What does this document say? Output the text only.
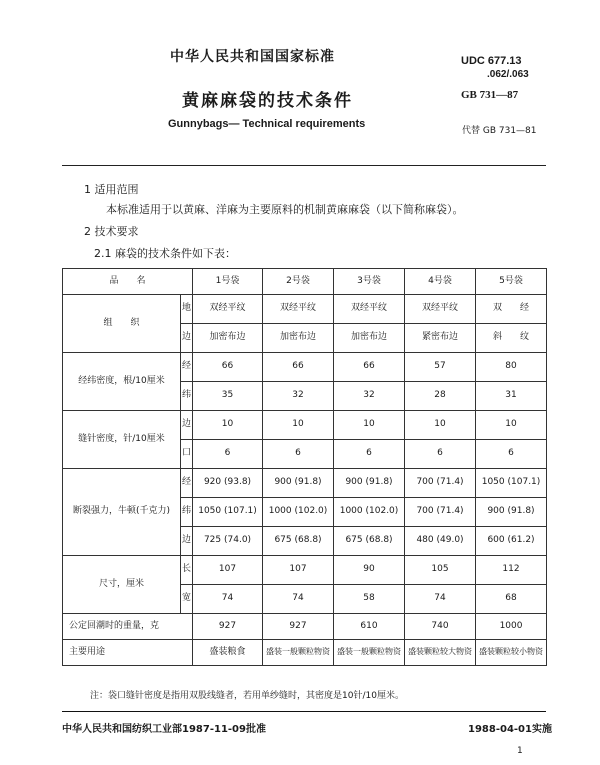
中华人民共和国国家标准
黄麻麻袋的技术条件
Gunnybags— Technical requirements
UDC 677.13
.062/.063
GB 731—87
代替 GB 731—81
1 适用范围
本标准适用于以黄麻、洋麻为主要原料的机制黄麻麻袋（以下简称麻袋）。
2 技术要求
2.1 麻袋的技术条件如下表：
品　　名		1号袋	2号袋	3号袋	4号袋	5号袋
组　　织	地	双经平纹	双经平纹	双经平纹	双经平纹	双　　经
	边	加密布边	加密布边	加密布边	紧密布边	斜　　纹
经纬密度，根/10厘米	经	66	66	66	57	80
	纬	35	32	32	28	31
缝针密度，针/10厘米	边	10	10	10	10	10
	口	6	6	6	6	6
断裂强力，牛顿(千克力)	经	920 (93.8)	900 (91.8)	900 (91.8)	700 (71.4)	1050 (107.1)
	纬	1050 (107.1)	1000 (102.0)	1000 (102.0)	700 (71.4)	900 (91.8)
	边	725 (74.0)	675 (68.8)	675 (68.8)	480 (49.0)	600 (61.2)
尺寸，厘米	长	107	107	90	105	112
	宽	74	74	58	74	68
公定回潮时的重量，克		927	927	610	740	1000
主要用途		盛装粮食	盛装一般颗粒物资	盛装一般颗粒物资	盛装颗粒较大物资	盛装颗粒较小物资
注：袋口缝针密度是指用双股线缝者，若用单纱缝时，其密度是10针/10厘米。
中华人民共和国纺织工业部1987-11-09批准	1988-04-01实施
1
